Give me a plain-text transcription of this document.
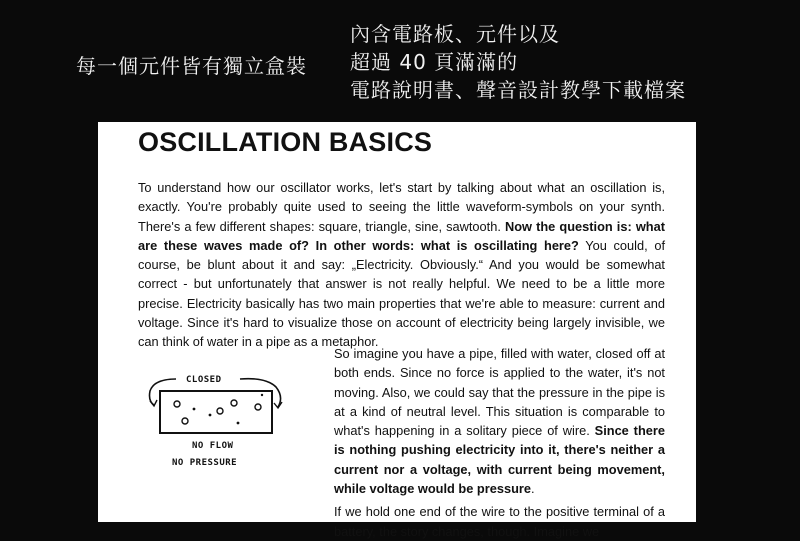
每一個元件皆有獨立盒裝
內含電路板、元件以及
超過 40 頁滿滿的
電路說明書、聲音設計教學下載檔案
OSCILLATION BASICS
To understand how our oscillator works, let's start by talking about what an oscillation is, exactly. You're probably quite used to seeing the little waveform-symbols on your synth. There's a few different shapes: square, triangle, sine, sawtooth. Now the question is: what are these waves made of? In other words: what is oscillating here? You could, of course, be blunt about it and say: „Electricity. Obviously.“ And you would be somewhat correct - but unfortunately that answer is not really helpful. We need to be a little more precise. Electricity basically has two main properties that we're able to measure: current and voltage. Since it's hard to visualize those on account of electricity being largely invisible, we can think of water in a pipe as a metaphor.
CLOSED
NO FLOW
NO PRESSURE

So imagine you have a pipe, filled with water, closed off at both ends. Since no force is applied to the water, it's not moving. Also, we could say that the pressure in the pipe is at a kind of neutral level. This situation is comparable to what's happening in a solitary piece of wire. Since there is nothing pushing electricity into it, there's neither a current nor a voltage, with current being movement, while voltage would be pressure.

If we hold one end of the wire to the positive terminal of a battery, the story changes, though. Imagine we
